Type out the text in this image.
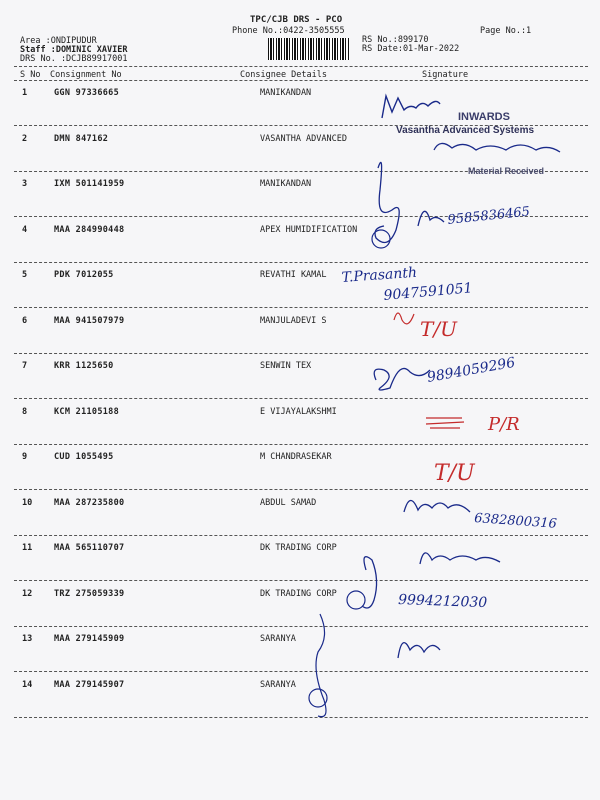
TPC/CJB DRS - PCO
Phone No.:0422-3505555	Page No.:1
Area :ONDIPUDUR
Staff :DOMINIC XAVIER
DRS No. :DCJB89917001
RS No.:899170
RS Date:01-Mar-2022
S No Consignment No	Consignee Details	Signature
1	GGN 97336665	MANIKANDAN
2	DMN 847162	VASANTHA ADVANCED
3	IXM 501141959	MANIKANDAN
4	MAA 284990448	APEX HUMIDIFICATION
5	PDK 7012055	REVATHI KAMAL
6	MAA 941507979	MANJULADEVI S
7	KRR 1125650	SENWIN TEX
8	KCM 21105188	E VIJAYALAKSHMI
9	CUD 1055495	M CHANDRASEKAR
10	MAA 287235800	ABDUL SAMAD
11	MAA 565110707	DK TRADING CORP
12	TRZ 275059339	DK TRADING CORP
13	MAA 279145909	SARANYA
14	MAA 279145907	SARANYA
INWARDS
Vasantha Advanced Systems
Material Received
9585836465
T.Prasanth
9047591051
T/U
9894059296
P/R
T/U
6382800316
9994212030
